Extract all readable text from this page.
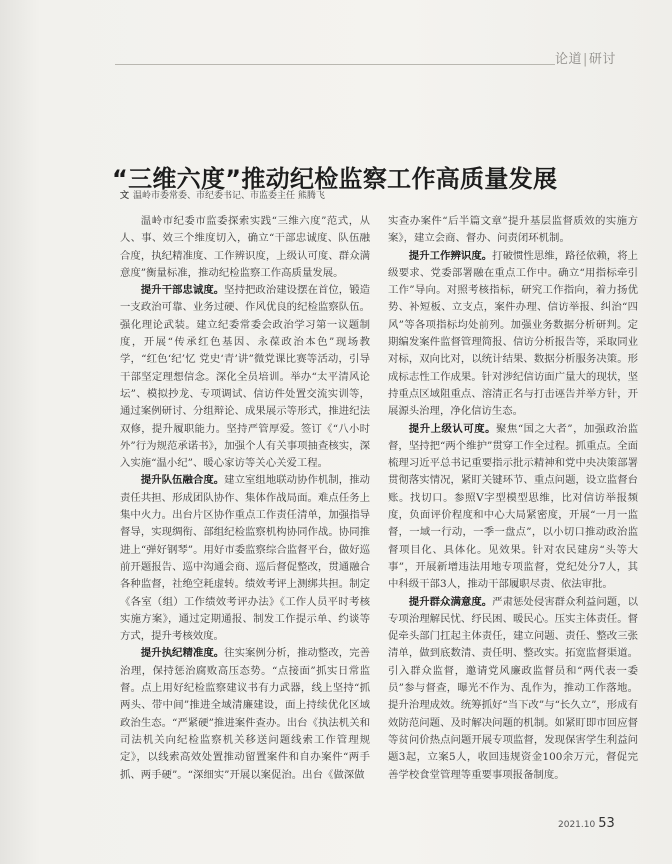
论道|研讨
“三维六度”推动纪检监察工作高质量发展
文 温岭市委常委、市纪委书记、市监委主任 熊腾飞

温岭市纪委市监委探索实践“三维六度”范式，从人、事、效三个维度切入，确立“干部忠诚度、队伍融合度，执纪精准度、工作辨识度，上级认可度、群众满意度”衡量标准，推动纪检监察工作高质量发展。

提升干部忠诚度。坚持把政治建设摆在首位，锻造一支政治可靠、业务过硬、作风优良的纪检监察队伍。强化理论武装。建立纪委常委会政治学习第一议题制度，开展“传承红色基因、永葆政治本色”现场教学，“红色‘纪’忆 党史‘青’讲”微党课比赛等活动，引导干部坚定理想信念。深化全员培训。举办“太平清风论坛”、模拟抄龙、专项调试、信访件处置交流实训等，通过案例研讨、分组辩论、成果展示等形式，推进纪法双修，提升履职能力。坚持严管厚爱。签订《“八小时外”行为规范承诺书》，加强个人有关事项抽查核实，深入实施“温小纪”、暖心家访等关心关爱工程。

提升队伍融合度。建立室组地联动协作机制，推动责任共担、形成团队协作、集体作战局面。难点任务上集中火力。出台片区协作重点工作责任清单，加强指导督导，实现绸衔、部组纪检监察机构协同作战。协同推进上“弹好钢琴”。用好市委监察综合监督平台，做好巡前开题报告、巡中沟通会商、巡后督促整改，贯通融合各种监督，社绝空耗虚转。绩效考评上测绑共担。制定《各室（组）工作绩效考评办法》《工作人员平时考核实施方案》，通过定期通报、制发工作提示单、约谈等方式，提升考核效度。

提升执纪精准度。往实案例分析，推动整改，完善治理，保持惩治腐败高压态势。“点接面”抓实日常监督。点上用好纪检监察建议书有力武器，线上坚持“抓两头、带中间”推进全域清廉建设，面上持续优化区域政治生态。“严紧硬”推进案件查办。出台《执法机关和司法机关向纪检监察机关移送问题线索工作管理规定》，以线索高效处置推动留置案件和自办案件“两手抓、两手硬”。“深细实”开展以案促治。出台《做深做

实查办案件“后半篇文章”提升基层监督质效的实施方案》，建立会商、督办、问责闭环机制。

提升工作辨识度。打破惯性思维，路径依赖，将上级要求、党委部署融在重点工作中。确立“用指标牵引工作”导向。对照考核指标，研究工作指向，着力扬优势、补短板、立支点，案件办理、信访举报、纠治“四风”等各项指标均处前列。加强业务数据分析研判。定期编发案件监督管理简报、信访分析报告等，采取同业对标，双向比对，以统计结果、数据分析服务决策。形成标志性工作成果。针对涉纪信访面广量大的现状，坚持重点区域阻重点、溶清正名与打击诬告并举方针，开展源头治理，净化信访生态。

提升上级认可度。聚焦“国之大者”，加强政治监督，坚持把“两个维护”贯穿工作全过程。抓重点。全面梳理习近平总书记重要指示批示精神和党中央决策部署贯彻落实情况，紧盯关键环节、重点问题，设立监督台账。找切口。参照V字型模型思维，比对信访举报频度，负面评价程度和中心大局紧密度，开展“一月一监督，一域一行动，一季一盘点”，以小切口推动政治监督项目化、具体化。见效果。针对农民建房“头等大事”，开展新增违法用地专项监督，党纪处分7人，其中科级干部3人，推动干部履职尽责、依法审批。

提升群众满意度。严肃惩处侵害群众利益问题，以专项治理解民忧、纾民困、暖民心。压实主体责任。督促牵头部门扛起主体责任，建立问题、责任、整改三张清单，做到底数清、责任明、整改实。拓宽监督渠道。引入群众监督，邀请党风廉政监督员和“两代表一委员”参与督查，曝光不作为、乱作为，推动工作落地。提升治理成效。统筹抓好“当下改”与“长久立”，形成有效防范问题、及时解决问题的机制。如紧盯即市回应督等贫问价热点问题开展专项监督，发现保害学生利益问题3起，立案5人，收回违规资金100余万元，督促完善学校食堂管理等重要事项报备制度。

2021.10 53
